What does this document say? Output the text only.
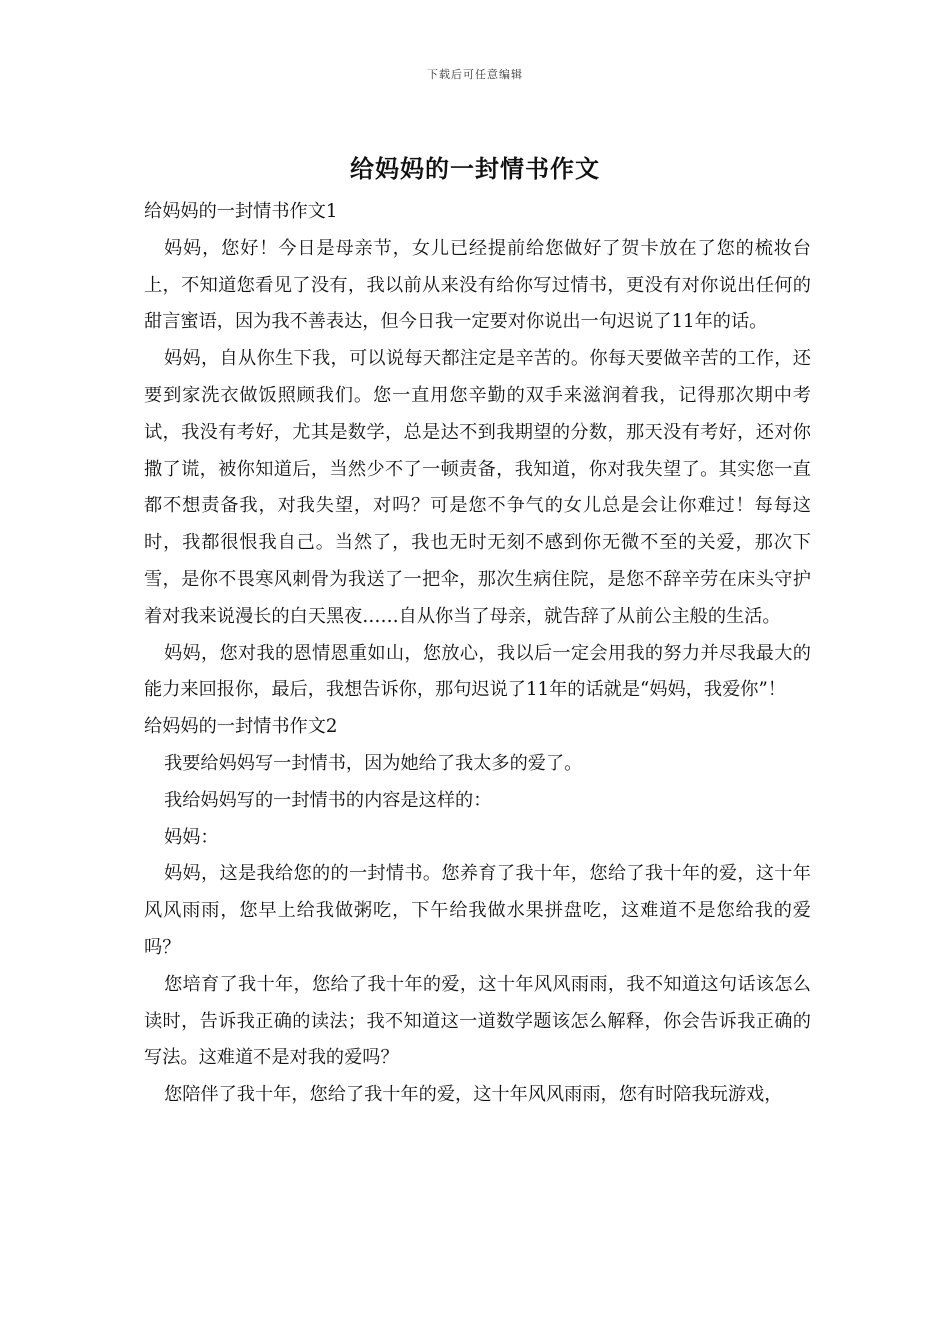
下载后可任意编辑
给妈妈的一封情书作文

给妈妈的一封情书作文1

妈妈，您好！今日是母亲节，女儿已经提前给您做好了贺卡放在了您的梳妆台上，不知道您看见了没有，我以前从来没有给你写过情书，更没有对你说出任何的甜言蜜语，因为我不善表达，但今日我一定要对你说出一句迟说了11年的话。

妈妈，自从你生下我，可以说每天都注定是辛苦的。你每天要做辛苦的工作，还要到家洗衣做饭照顾我们。您一直用您辛勤的双手来滋润着我，记得那次期中考试，我没有考好，尤其是数学，总是达不到我期望的分数，那天没有考好，还对你撒了谎，被你知道后，当然少不了一顿责备，我知道，你对我失望了。其实您一直都不想责备我，对我失望，对吗？可是您不争气的女儿总是会让你难过！每每这时，我都很恨我自己。当然了，我也无时无刻不感到你无微不至的关爱，那次下雪，是你不畏寒风刺骨为我送了一把伞，那次生病住院，是您不辞辛劳在床头守护着对我来说漫长的白天黑夜……自从你当了母亲，就告辞了从前公主般的生活。

妈妈，您对我的恩情恩重如山，您放心，我以后一定会用我的努力并尽我最大的能力来回报你，最后，我想告诉你，那句迟说了11年的话就是“妈妈，我爱你”！

给妈妈的一封情书作文2

我要给妈妈写一封情书，因为她给了我太多的爱了。

我给妈妈写的一封情书的内容是这样的：

妈妈：

妈妈，这是我给您的的一封情书。您养育了我十年，您给了我十年的爱，这十年风风雨雨，您早上给我做粥吃，下午给我做水果拼盘吃，这难道不是您给我的爱吗？

您培育了我十年，您给了我十年的爱，这十年风风雨雨，我不知道这句话该怎么读时，告诉我正确的读法；我不知道这一道数学题该怎么解释，你会告诉我正确的写法。这难道不是对我的爱吗？

您陪伴了我十年，您给了我十年的爱，这十年风风雨雨，您有时陪我玩游戏，
